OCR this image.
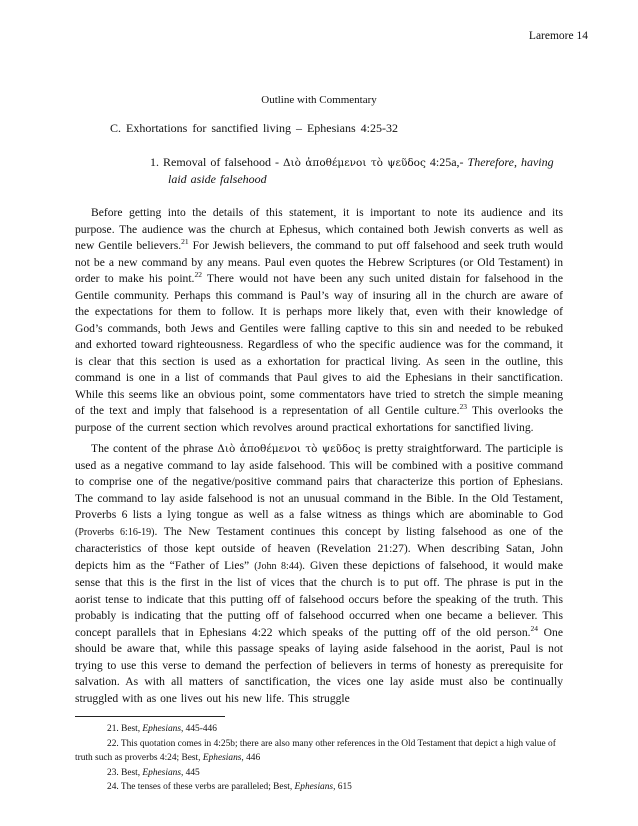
Laremore 14
Outline with Commentary
C. Exhortations for sanctified living – Ephesians 4:25-32
1. Removal of falsehood - Διὸ ἀποθέμενοι τὸ ψεῦδος 4:25a,- Therefore, having
laid aside falsehood

Before getting into the details of this statement, it is important to note its audience and its purpose. The audience was the church at Ephesus, which contained both Jewish converts as well as new Gentile believers.$^{21}$ For Jewish believers, the command to put off falsehood and seek truth would not be a new command by any means. Paul even quotes the Hebrew Scriptures (or Old Testament) in order to make his point.$^{22}$ There would not have been any such united distain for falsehood in the Gentile community. Perhaps this command is Paul’s way of insuring all in the church are aware of the expectations for them to follow. It is perhaps more likely that, even with their knowledge of God’s commands, both Jews and Gentiles were falling captive to this sin and needed to be rebuked and exhorted toward righteousness. Regardless of who the specific audience was for the command, it is clear that this section is used as a exhortation for practical living. As seen in the outline, this command is one in a list of commands that Paul gives to aid the Ephesians in their sanctification. While this seems like an obvious point, some commentators have tried to stretch the simple meaning of the text and imply that falsehood is a representation of all Gentile culture.$^{23}$ This overlooks the purpose of the current section which revolves around practical exhortations for sanctified living.

The content of the phrase Διὸ ἀποθέμενοι τὸ ψεῦδος is pretty straightforward. The participle is used as a negative command to lay aside falsehood. This will be combined with a positive command to comprise one of the negative/positive command pairs that characterize this portion of Ephesians. The command to lay aside falsehood is not an unusual command in the Bible. In the Old Testament, Proverbs 6 lists a lying tongue as well as a false witness as things which are abominable to God (Proverbs 6:16-19). The New Testament continues this concept by listing falsehood as one of the characteristics of those kept outside of heaven (Revelation 21:27). When describing Satan, John depicts him as the “Father of Lies” (John 8:44). Given these depictions of falsehood, it would make sense that this is the first in the list of vices that the church is to put off. The phrase is put in the aorist tense to indicate that this putting off of falsehood occurs before the speaking of the truth. This probably is indicating that the putting off of falsehood occurred when one became a believer. This concept parallels that in Ephesians 4:22 which speaks of the putting off of the old person.$^{24}$ One should be aware that, while this passage speaks of laying aside falsehood in the aorist, Paul is not trying to use this verse to demand the perfection of believers in terms of honesty as prerequisite for salvation. As with all matters of sanctification, the vices one lay aside must also be continually struggled with as one lives out his new life. This struggle

21. Best, Ephesians, 445-446

22. This quotation comes in 4:25b; there are also many other references in the Old Testament that depict a high value of truth such as proverbs 4:24; Best, Ephesians, 446

23. Best, Ephesians, 445

24. The tenses of these verbs are paralleled; Best, Ephesians, 615
